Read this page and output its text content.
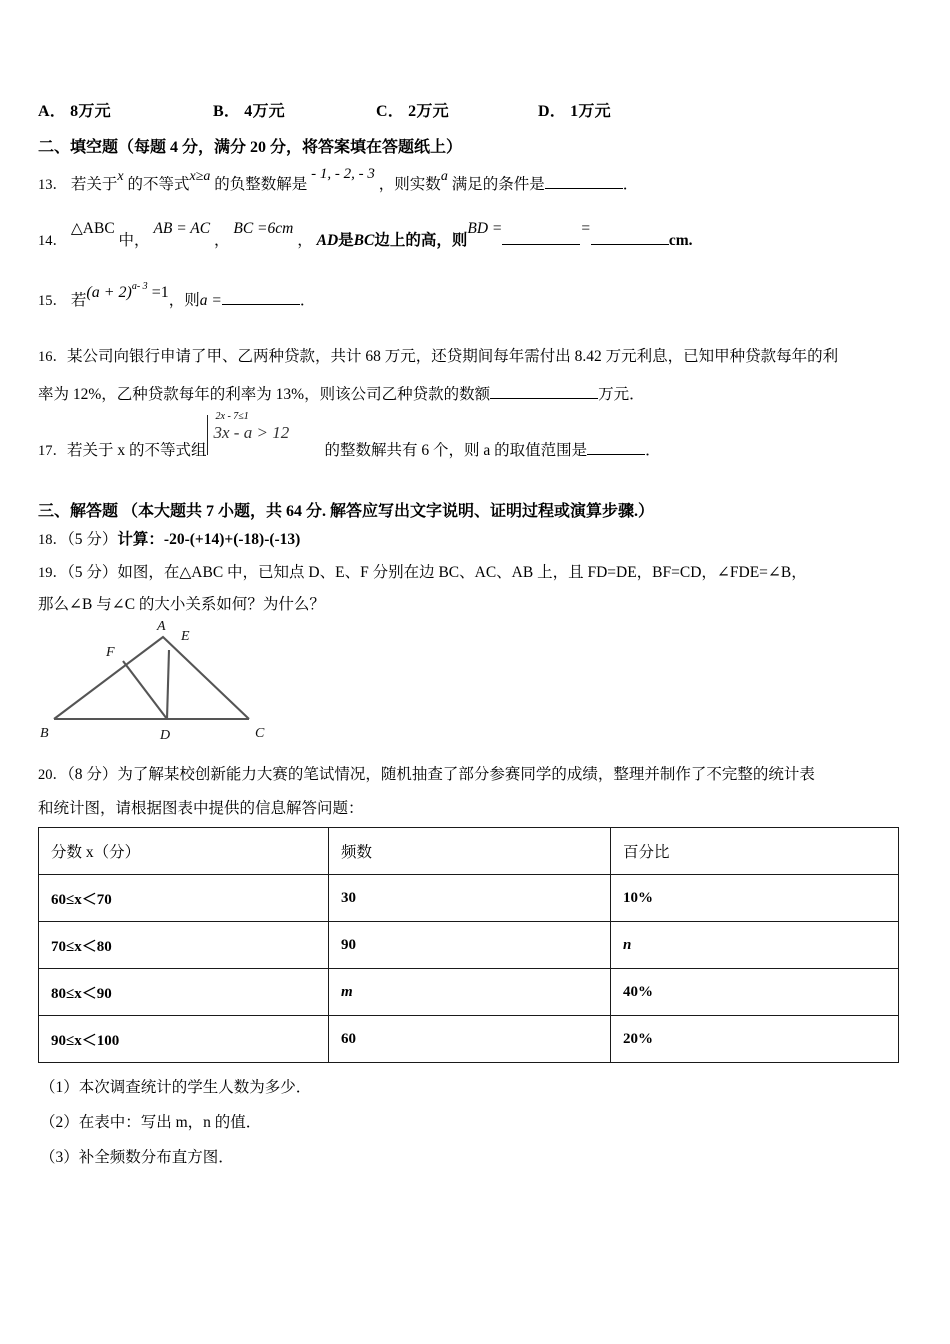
A． 8万元	B． 4万元	C． 2万元	D． 1万元
二、填空题（每题 4 分，满分 20 分，将答案填在答题纸上）
13． 若关于x 的不等式x≥a 的负整数解是 - 1, - 2, - 3 ，则实数a 满足的条件是	．
14． △ABC 中， AB = AC ， BC =6cm ， AD是BC边上的高，则BD =	=cm.
15． 若$(a + 2)^{a- 3} =1$，则a =	．
16．某公司向银行申请了甲、乙两种贷款，共计 68 万元，还贷期间每年需付出 8.42 万元利息，已知甲种贷款每年的利
率为 12%，乙种贷款每年的利率为 13%，则该公司乙种贷款的数额	万元．
17．若关于 x 的不等式组
2x - 7≤1
3x - a > 12
的整数解共有 6 个，则 a 的取值范围是	．
三、解答题 （本大题共 7 小题，共 64 分. 解答应写出文字说明、证明过程或演算步骤.）
18．（5 分）计算：-20-(+14)+(-18)-(-13)
19．（5 分）如图，在△ABC 中，已知点 D、E、F 分别在边 BC、AC、AB 上，且 FD=DE，BF=CD，∠FDE=∠B，
那么∠B 与∠C 的大小关系如何？为什么？
A
E
F
B	D	C
20．（8 分）为了解某校创新能力大赛的笔试情况，随机抽查了部分参赛同学的成绩，整理并制作了不完整的统计表
和统计图，请根据图表中提供的信息解答问题：
分数 x（分）	频数	百分比
60≤x＜70	30	10%
70≤x＜80	90	n
80≤x＜90	m	40%
90≤x＜100	60	20%
（1）本次调查统计的学生人数为多少．
（2）在表中：写出 m，n 的值．
（3）补全频数分布直方图．
